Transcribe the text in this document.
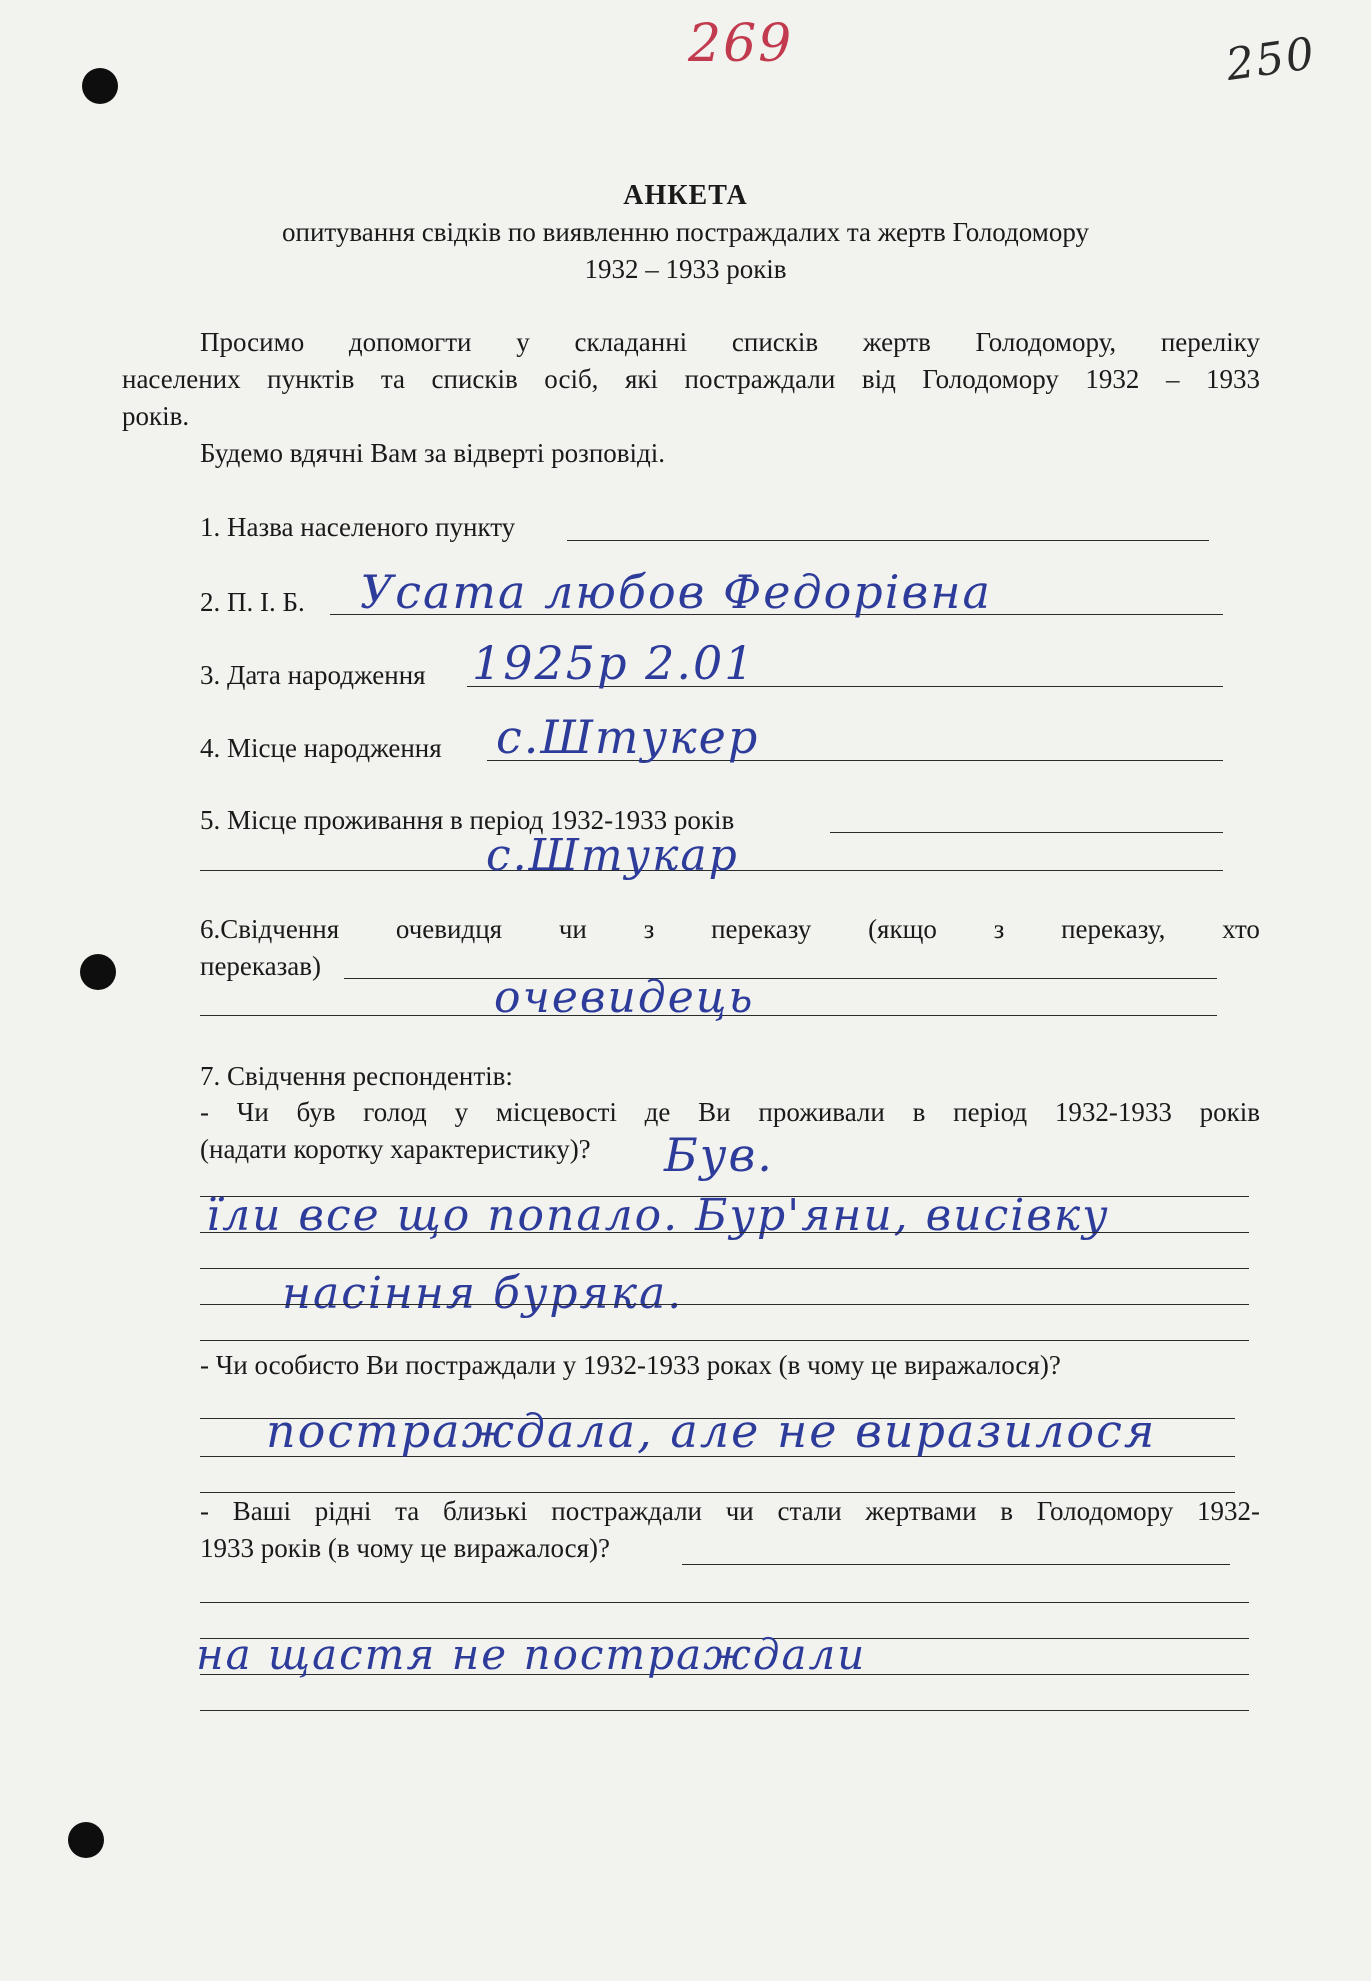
269	250
АНКЕТА
опитування свідків по виявленню постраждалих та жертв Голодомору
1932 – 1933 років
Просимо допомогти у складанні списків жертв Голодомору, переліку
населених пунктів та списків осіб, які постраждали від Голодомору 1932 – 1933
років.
Будемо вдячні Вам за відверті розповіді.
1. Назва населеного пункту
2. П. І. Б. Усата любов Федорівна
3. Дата народження 1925р 2.01
4. Місце народження с.Штукер
5. Місце проживання в період 1932-1933 років
с.Штукар
6.Свідчення очевидця чи з переказу (якщо з переказу, хто
переказав)
очевидець
7. Свідчення респондентів:
- Чи був голод у місцевості де Ви проживали в період 1932-1933 років
(надати коротку характеристику)? Був.
їли все що попало. Бур'яни, висівку
насіння буряка.
- Чи особисто Ви постраждали у 1932-1933 роках (в чому це виражалося)?
постраждала, але не виразилося
- Ваші рідні та близькі постраждали чи стали жертвами в Голодомору 1932-
1933 років (в чому це виражалося)?
на щастя не постраждали
